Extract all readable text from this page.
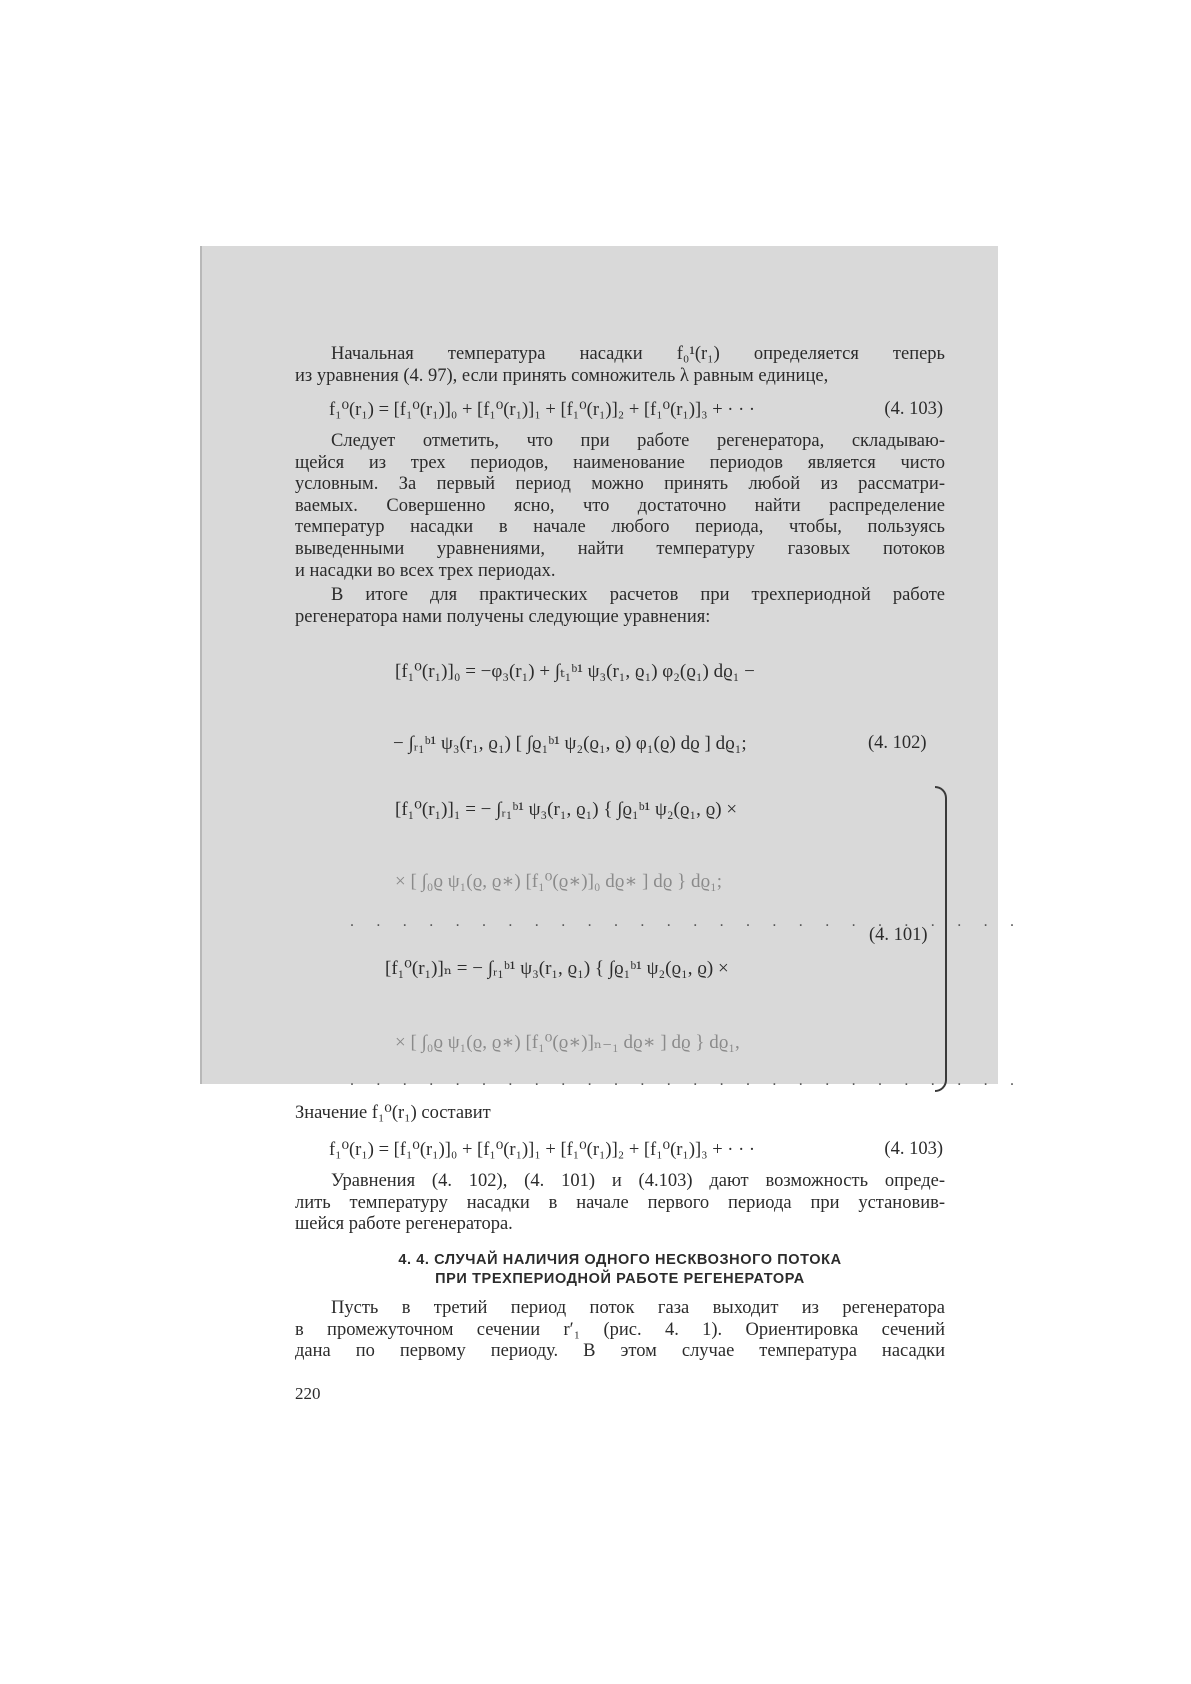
Начальная температура насадки f₀¹(r₁) определяется теперь
из уравнения (4. 97), если принять сомножитель λ равным единице,
f₁⁰(r₁) = [f₁⁰(r₁)]₀ + [f₁⁰(r₁)]₁ + [f₁⁰(r₁)]₂ + [f₁⁰(r₁)]₃ + · · ·	(4. 103)
Следует отметить, что при работе регенератора, складываю-
щейся из трех периодов, наименование периодов является чисто
условным. За первый период можно принять любой из рассматри-
ваемых. Совершенно ясно, что достаточно найти распределение
температур насадки в начале любого периода, чтобы, пользуясь
выведенными уравнениями, найти температуру газовых потоков
и насадки во всех трех периодах.
В итоге для практических расчетов при трехпериодной работе
регенератора нами получены следующие уравнения:
[f₁⁰(r₁)]₀ = −φ₃(r₁) + ∫ₜ₁ᵇ¹ ψ₃(r₁, ϱ₁) φ₂(ϱ₁) dϱ₁ −
− ∫ᵣ₁ᵇ¹ ψ₃(r₁, ϱ₁) [ ∫ϱ₁ᵇ¹ ψ₂(ϱ₁, ϱ) φ₁(ϱ) dϱ ] dϱ₁;	(4. 102)
[f₁⁰(r₁)]₁ = − ∫ᵣ₁ᵇ¹ ψ₃(r₁, ϱ₁) { ∫ϱ₁ᵇ¹ ψ₂(ϱ₁, ϱ) ×
× [ ∫₀ϱ ψ₁(ϱ, ϱ∗) [f₁⁰(ϱ∗)]₀ dϱ∗ ] dϱ } dϱ₁;
. . . . . . . . . . . . . . . . . . . . . . . . . .
[f₁⁰(r₁)]ₙ = − ∫ᵣ₁ᵇ¹ ψ₃(r₁, ϱ₁) { ∫ϱ₁ᵇ¹ ψ₂(ϱ₁, ϱ) ×
× [ ∫₀ϱ ψ₁(ϱ, ϱ∗) [f₁⁰(ϱ∗)]ₙ₋₁ dϱ∗ ] dϱ } dϱ₁,
. . . . . . . . . . . . . . . . . . . . . . . . . .
(4. 101)
Значение f₁⁰(r₁) составит
f₁⁰(r₁) = [f₁⁰(r₁)]₀ + [f₁⁰(r₁)]₁ + [f₁⁰(r₁)]₂ + [f₁⁰(r₁)]₃ + · · ·	(4. 103)
Уравнения (4. 102), (4. 101) и (4.103) дают возможность опреде-
лить температуру насадки в начале первого периода при установив-
шейся работе регенератора.
4. 4. СЛУЧАЙ НАЛИЧИЯ ОДНОГО НЕСКВОЗНОГО ПОТОКА
ПРИ ТРЕХПЕРИОДНОЙ РАБОТЕ РЕГЕНЕРАТОРА
Пусть в третий период поток газа выходит из регенератора
в промежуточном сечении r′₁ (рис. 4. 1). Ориентировка сечений
дана по первому периоду. В этом случае температура насадки
220
